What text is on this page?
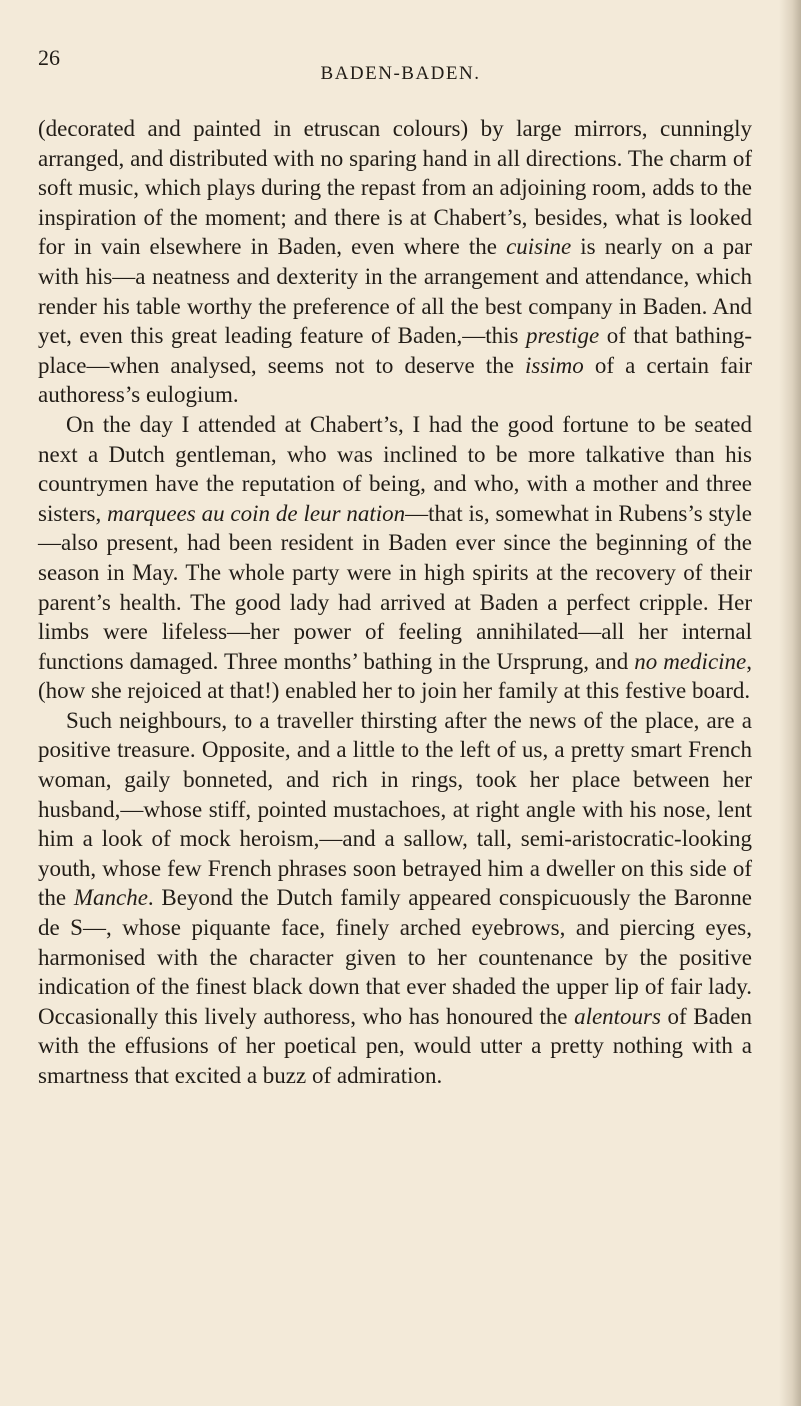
26

BADEN-BADEN.

(decorated and painted in etruscan colours) by large mirrors, cunningly arranged, and distributed with no sparing hand in all directions. The charm of soft music, which plays during the repast from an adjoining room, adds to the inspiration of the moment; and there is at Chabert’s, besides, what is looked for in vain elsewhere in Baden, even where the cuisine is nearly on a par with his—a neatness and dexterity in the arrangement and attendance, which render his table worthy the preference of all the best company in Baden. And yet, even this great leading feature of Baden,—this prestige of that bathing-place—when analysed, seems not to deserve the issimo of a certain fair authoress’s eulogium.

On the day I attended at Chabert’s, I had the good fortune to be seated next a Dutch gentleman, who was inclined to be more talkative than his countrymen have the reputation of being, and who, with a mother and three sisters, marquees au coin de leur nation—that is, somewhat in Rubens’s style—also present, had been resident in Baden ever since the beginning of the season in May. The whole party were in high spirits at the recovery of their parent’s health. The good lady had arrived at Baden a perfect cripple. Her limbs were lifeless—her power of feeling annihilated—all her internal functions damaged. Three months’ bathing in the Ursprung, and no medicine, (how she rejoiced at that!) enabled her to join her family at this festive board.

Such neighbours, to a traveller thirsting after the news of the place, are a positive treasure. Opposite, and a little to the left of us, a pretty smart French woman, gaily bonneted, and rich in rings, took her place between her husband,—whose stiff, pointed mustachoes, at right angle with his nose, lent him a look of mock heroism,—and a sallow, tall, semi-aristocratic-looking youth, whose few French phrases soon betrayed him a dweller on this side of the Manche. Beyond the Dutch family appeared conspicuously the Baronne de S—, whose piquante face, finely arched eyebrows, and piercing eyes, harmonised with the character given to her countenance by the positive indication of the finest black down that ever shaded the upper lip of fair lady. Occasionally this lively authoress, who has honoured the alentours of Baden with the effusions of her poetical pen, would utter a pretty nothing with a smartness that excited a buzz of admiration.
